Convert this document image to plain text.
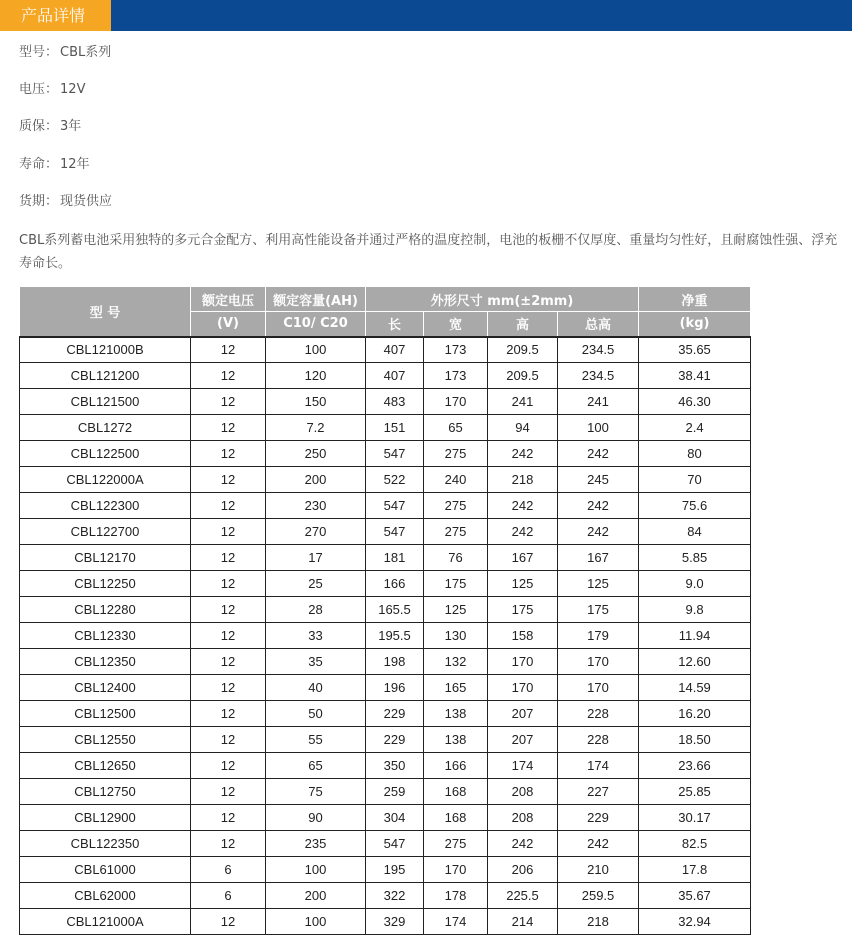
产品详情

型号： CBL系列

电压： 12V

质保： 3年

寿命： 12年

货期： 现货供应

CBL系列蓄电池采用独特的多元合金配方、利用高性能设备并通过严格的温度控制，电池的板栅不仅厚度、重量均匀性好，且耐腐蚀性强、浮充寿命长。

型 号	额定电压	额定容量(AH)	外形尺寸 mm(±2mm)				净重
	(V)	C10/ C20	长	宽	高	总高	(kg)
CBL121000B	12	100	407	173	209.5	234.5	35.65
CBL121200	12	120	407	173	209.5	234.5	38.41
CBL121500	12	150	483	170	241	241	46.30
CBL1272	12	7.2	151	65	94	100	2.4
CBL122500	12	250	547	275	242	242	80
CBL122000A	12	200	522	240	218	245	70
CBL122300	12	230	547	275	242	242	75.6
CBL122700	12	270	547	275	242	242	84
CBL12170	12	17	181	76	167	167	5.85
CBL12250	12	25	166	175	125	125	9.0
CBL12280	12	28	165.5	125	175	175	9.8
CBL12330	12	33	195.5	130	158	179	11.94
CBL12350	12	35	198	132	170	170	12.60
CBL12400	12	40	196	165	170	170	14.59
CBL12500	12	50	229	138	207	228	16.20
CBL12550	12	55	229	138	207	228	18.50
CBL12650	12	65	350	166	174	174	23.66
CBL12750	12	75	259	168	208	227	25.85
CBL12900	12	90	304	168	208	229	30.17
CBL122350	12	235	547	275	242	242	82.5
CBL61000	6	100	195	170	206	210	17.8
CBL62000	6	200	322	178	225.5	259.5	35.67
CBL121000A	12	100	329	174	214	218	32.94
